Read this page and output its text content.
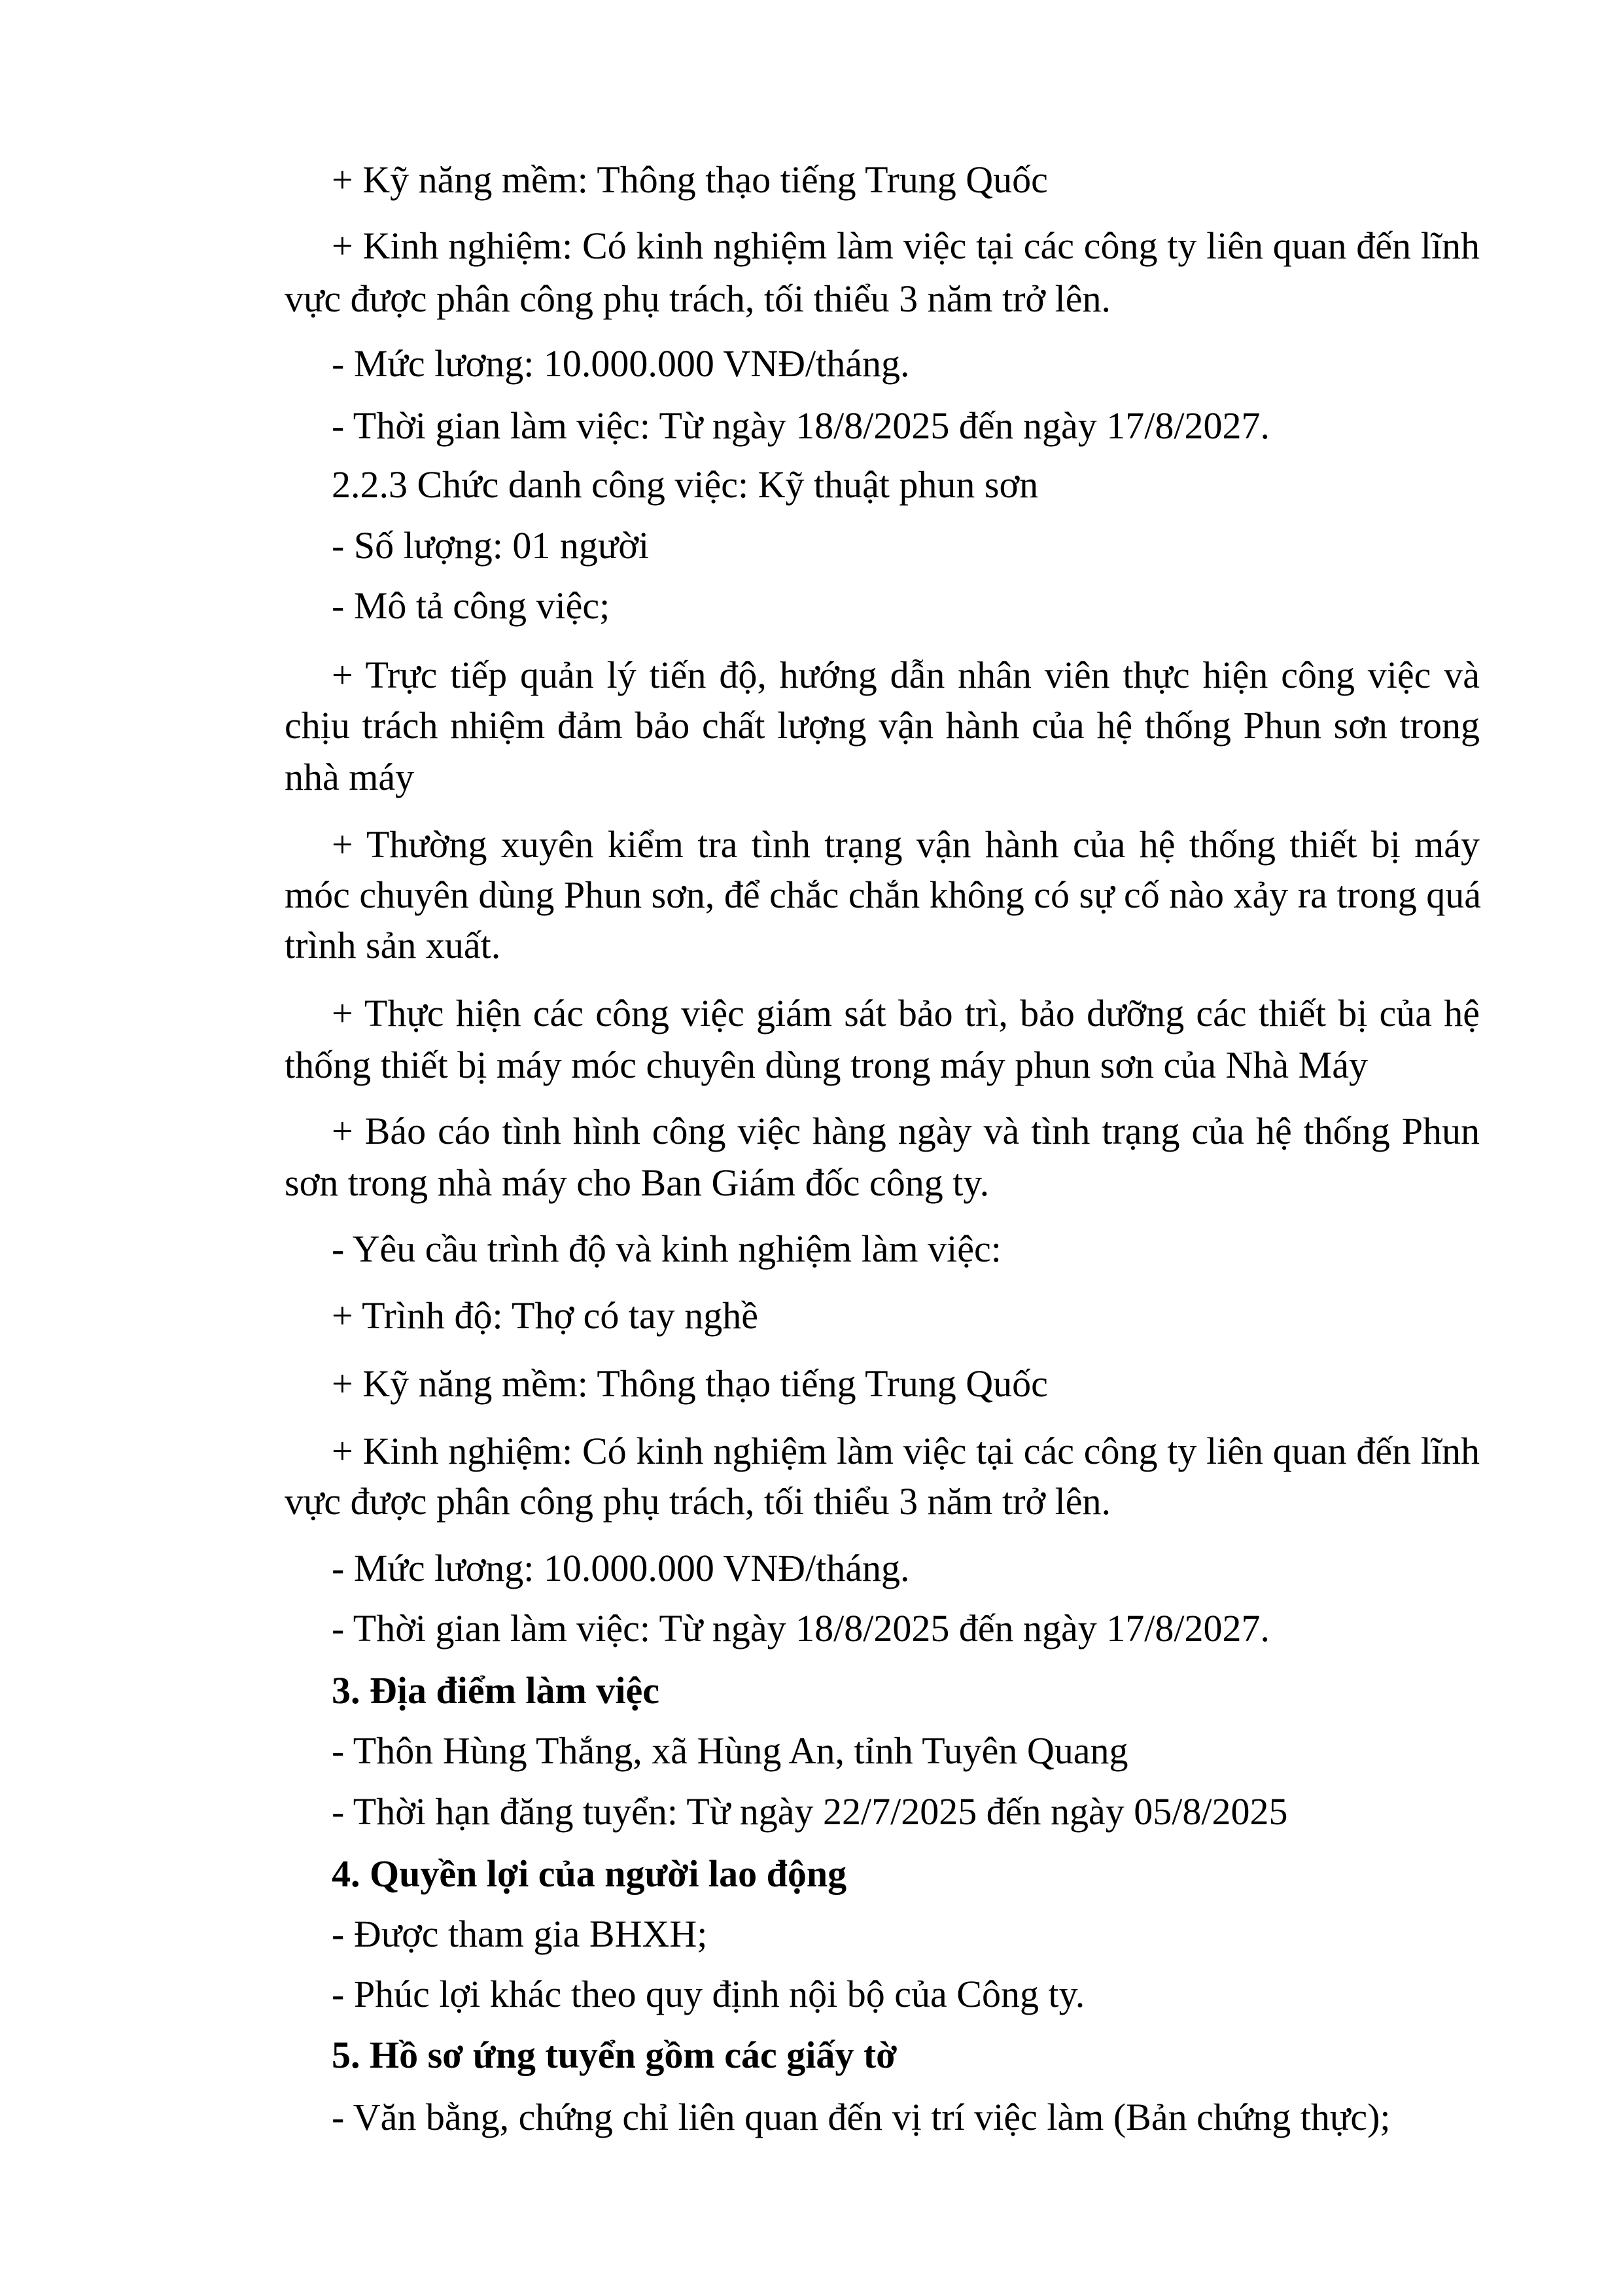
+ Kỹ năng mềm: Thông thạo tiếng Trung Quốc
+ Kinh nghiệm: Có kinh nghiệm làm việc tại các công ty liên quan đến lĩnh
vực được phân công phụ trách, tối thiểu 3 năm trở lên.
- Mức lương: 10.000.000 VNĐ/tháng.
- Thời gian làm việc: Từ ngày 18/8/2025 đến ngày 17/8/2027.
2.2.3 Chức danh công việc: Kỹ thuật phun sơn
- Số lượng: 01 người
- Mô tả công việc;
+ Trực tiếp quản lý tiến độ, hướng dẫn nhân viên thực hiện công việc và
chịu trách nhiệm đảm bảo chất lượng vận hành của hệ thống Phun sơn trong
nhà máy
+ Thường xuyên kiểm tra tình trạng vận hành của hệ thống thiết bị máy
móc chuyên dùng Phun sơn, để chắc chắn không có sự cố nào xảy ra trong quá
trình sản xuất.
+ Thực hiện các công việc giám sát bảo trì, bảo dưỡng các thiết bị của hệ
thống thiết bị máy móc chuyên dùng trong máy phun sơn của Nhà Máy
+ Báo cáo tình hình công việc hàng ngày và tình trạng của hệ thống Phun
sơn trong nhà máy cho Ban Giám đốc công ty.
- Yêu cầu trình độ và kinh nghiệm làm việc:
+ Trình độ: Thợ có tay nghề
+ Kỹ năng mềm: Thông thạo tiếng Trung Quốc
+ Kinh nghiệm: Có kinh nghiệm làm việc tại các công ty liên quan đến lĩnh
vực được phân công phụ trách, tối thiểu 3 năm trở lên.
- Mức lương: 10.000.000 VNĐ/tháng.
- Thời gian làm việc: Từ ngày 18/8/2025 đến ngày 17/8/2027.
3. Địa điểm làm việc
- Thôn Hùng Thắng, xã Hùng An, tỉnh Tuyên Quang
- Thời hạn đăng tuyển: Từ ngày 22/7/2025 đến ngày 05/8/2025
4. Quyền lợi của người lao động
- Được tham gia BHXH;
- Phúc lợi khác theo quy định nội bộ của Công ty.
5. Hồ sơ ứng tuyển gồm các giấy tờ
- Văn bằng, chứng chỉ liên quan đến vị trí việc làm (Bản chứng thực);
